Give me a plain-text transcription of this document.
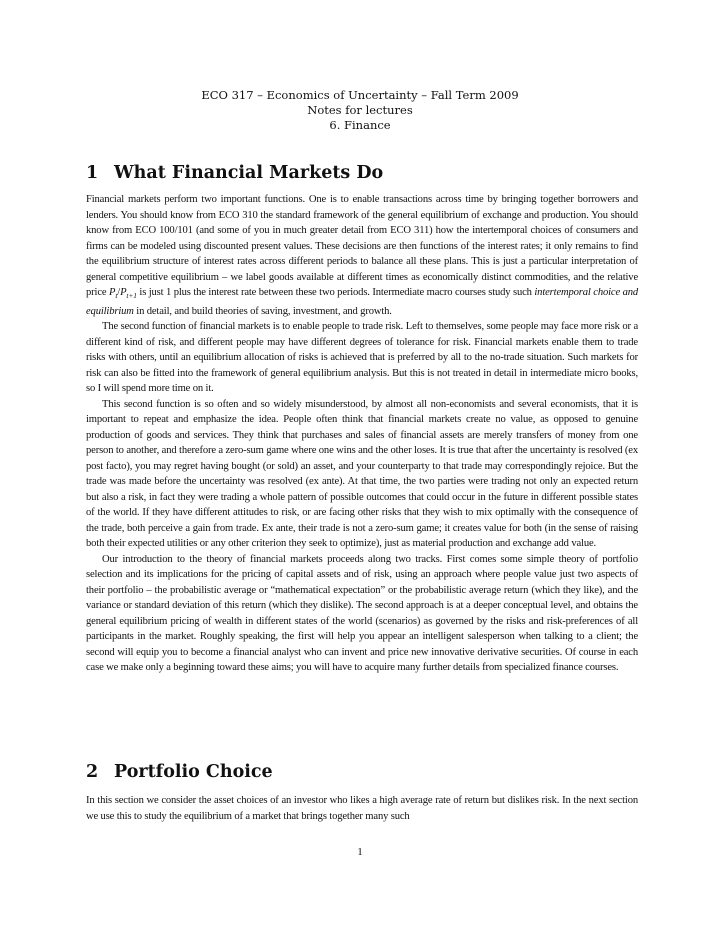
ECO 317 – Economics of Uncertainty – Fall Term 2009
Notes for lectures
6. Finance
1 What Financial Markets Do

Financial markets perform two important functions. One is to enable transactions across time by bringing together borrowers and lenders. You should know from ECO 310 the standard framework of the general equilibrium of exchange and production. You should know from ECO 100/101 (and some of you in much greater detail from ECO 311) how the intertemporal choices of consumers and firms can be modeled using discounted present values. These decisions are then functions of the interest rates; it only remains to find the equilibrium structure of interest rates across different periods to balance all these plans. This is just a particular interpretation of general competitive equilibrium – we label goods available at different times as economically distinct commodities, and the relative price $P_t/P_{t+1}$ is just 1 plus the interest rate between these two periods. Intermediate macro courses study such intertemporal choice and equilibrium in detail, and build theories of saving, investment, and growth.

The second function of financial markets is to enable people to trade risk. Left to themselves, some people may face more risk or a different kind of risk, and different people may have different degrees of tolerance for risk. Financial markets enable them to trade risks with others, until an equilibrium allocation of risks is achieved that is preferred by all to the no-trade situation. Such markets for risk can also be fitted into the framework of general equilibrium analysis. But this is not treated in detail in intermediate micro books, so I will spend more time on it.

This second function is so often and so widely misunderstood, by almost all non-economists and several economists, that it is important to repeat and emphasize the idea. People often think that financial markets create no value, as opposed to genuine production of goods and services. They think that purchases and sales of financial assets are merely transfers of money from one person to another, and therefore a zero-sum game where one wins and the other loses. It is true that after the uncertainty is resolved (ex post facto), you may regret having bought (or sold) an asset, and your counterparty to that trade may correspondingly rejoice. But the trade was made before the uncertainty was resolved (ex ante). At that time, the two parties were trading not only an expected return but also a risk, in fact they were trading a whole pattern of possible outcomes that could occur in the future in different possible states of the world. If they have different attitudes to risk, or are facing other risks that they wish to mix optimally with the consequence of the trade, both perceive a gain from trade. Ex ante, their trade is not a zero-sum game; it creates value for both (in the sense of raising both their expected utilities or any other criterion they seek to optimize), just as material production and exchange add value.

Our introduction to the theory of financial markets proceeds along two tracks. First comes some simple theory of portfolio selection and its implications for the pricing of capital assets and of risk, using an approach where people value just two aspects of their portfolio – the probabilistic average or “mathematical expectation” or the probabilistic average return (which they like), and the variance or standard deviation of this return (which they dislike). The second approach is at a deeper conceptual level, and obtains the general equilibrium pricing of wealth in different states of the world (scenarios) as governed by the risks and risk-preferences of all participants in the market. Roughly speaking, the first will help you appear an intelligent salesperson when talking to a client; the second will equip you to become a financial analyst who can invent and price new innovative derivative securities. Of course in each case we make only a beginning toward these aims; you will have to acquire many further details from specialized finance courses.

2 Portfolio Choice

In this section we consider the asset choices of an investor who likes a high average rate of return but dislikes risk. In the next section we use this to study the equilibrium of a market that brings together many such

1
